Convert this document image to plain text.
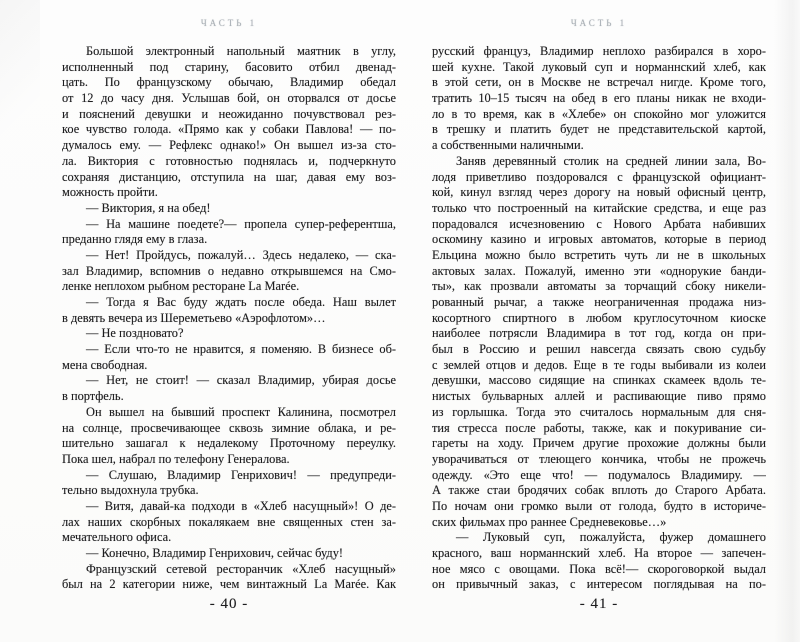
ЧАСТЬ 1
Большой электронный напольный маятник в углу,
исполненный под старину, басовито отбил двенад-
цать. По французскому обычаю, Владимир обедал
от 12 до часу дня. Услышав бой, он оторвался от досье
и пояснений девушки и неожиданно почувствовал рез-
кое чувство голода. «Прямо как у собаки Павлова! — по-
думалось ему. — Рефлекс однако!» Он вышел из-за сто-
ла. Виктория с готовностью поднялась и, подчеркнуто
сохраняя дистанцию, отступила на шаг, давая ему воз-
можность пройти.
— Виктория, я на обед!
— На машине поедете?— пропела супер-референтша,
преданно глядя ему в глаза.
— Нет! Пройдусь, пожалуй… Здесь недалеко, — ска-
зал Владимир, вспомнив о недавно открывшемся на Смо-
ленке неплохом рыбном ресторане La Marée.
— Тогда я Вас буду ждать после обеда. Наш вылет
в девять вечера из Шереметьево «Аэрофлотом»…
— Не поздновато?
— Если что-то не нравится, я поменяю. В бизнесе об-
мена свободная.
— Нет, не стоит! — сказал Владимир, убирая досье
в портфель.
Он вышел на бывший проспект Калинина, посмотрел
на солнце, просвечивающее сквозь зимние облака, и ре-
шительно зашагал к недалекому Проточному переулку.
Пока шел, набрал по телефону Генералова.
— Слушаю, Владимир Генрихович! — предупреди-
тельно выдохнула трубка.
— Витя, давай-ка подходи в «Хлеб насущный»! О де-
лах наших скорбных покалякаем вне священных стен за-
мечательного офиса.
— Конечно, Владимир Генрихович, сейчас буду!
Французский сетевой ресторанчик «Хлеб насущный»
был на 2 категории ниже, чем винтажный La Marée. Как
- 40 -
ЧАСТЬ 1
русский француз, Владимир неплохо разбирался в хоро-
шей кухне. Такой луковый суп и норманнский хлеб, как
в этой сети, он в Москве не встречал нигде. Кроме того,
тратить 10–15 тысяч на обед в его планы никак не входи-
ло в то время, как в «Хлебе» он спокойно мог уложится
в трешку и платить будет не представительской картой,
а собственными наличными.
Заняв деревянный столик на средней линии зала, Во-
лодя приветливо поздоровался с французской официант-
кой, кинул взгляд через дорогу на новый офисный центр,
только что построенный на китайские средства, и еще раз
порадовался исчезновению с Нового Арбата набивших
оскомину казино и игровых автоматов, которые в период
Ельцина можно было встретить чуть ли не в школьных
актовых залах. Пожалуй, именно эти «однорукие банди-
ты», как прозвали автоматы за торчащий сбоку никели-
рованный рычаг, а также неограниченная продажа низ-
косортного спиртного в любом круглосуточном киоске
наиболее потрясли Владимира в тот год, когда он при-
был в Россию и решил навсегда связать свою судьбу
с землей отцов и дедов. Еще в те годы выбивали из колеи
девушки, массово сидящие на спинках скамеек вдоль те-
нистых бульварных аллей и распивающие пиво прямо
из горлышка. Тогда это считалось нормальным для сня-
тия стресса после работы, также, как и покуривание си-
гареты на ходу. Причем другие прохожие должны были
уворачиваться от тлеющего кончика, чтобы не прожечь
одежду. «Это еще что! — подумалось Владимиру. —
А также стаи бродячих собак вплоть до Старого Арбата.
По ночам они громко выли от голода, будто в историче-
ских фильмах про раннее Средневековье…»
— Луковый суп, пожалуйста, фужер домашнего
красного, ваш норманнский хлеб. На второе — запечен-
ное мясо с овощами. Пока всё!— скороговоркой выдал
он привычный заказ, с интересом поглядывая на по-
- 41 -
